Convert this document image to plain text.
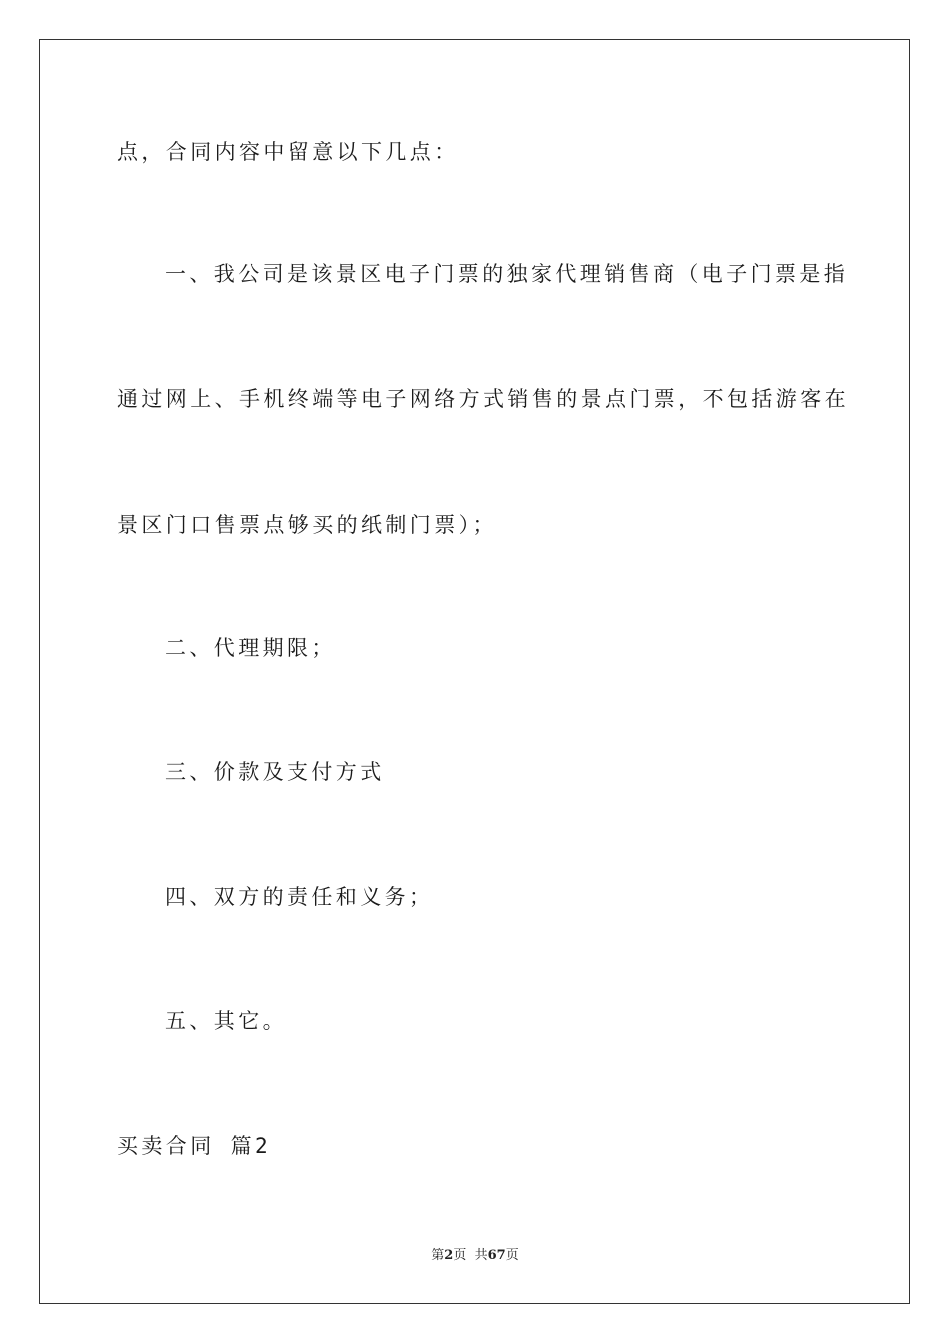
点，合同内容中留意以下几点：
一、我公司是该景区电子门票的独家代理销售商（电子门票是指
通过网上、手机终端等电子网络方式销售的景点门票，不包括游客在
景区门口售票点够买的纸制门票）；
二、代理期限；
三、价款及支付方式
四、双方的责任和义务；
五、其它。
买卖合同 篇2
第2页  共67页
